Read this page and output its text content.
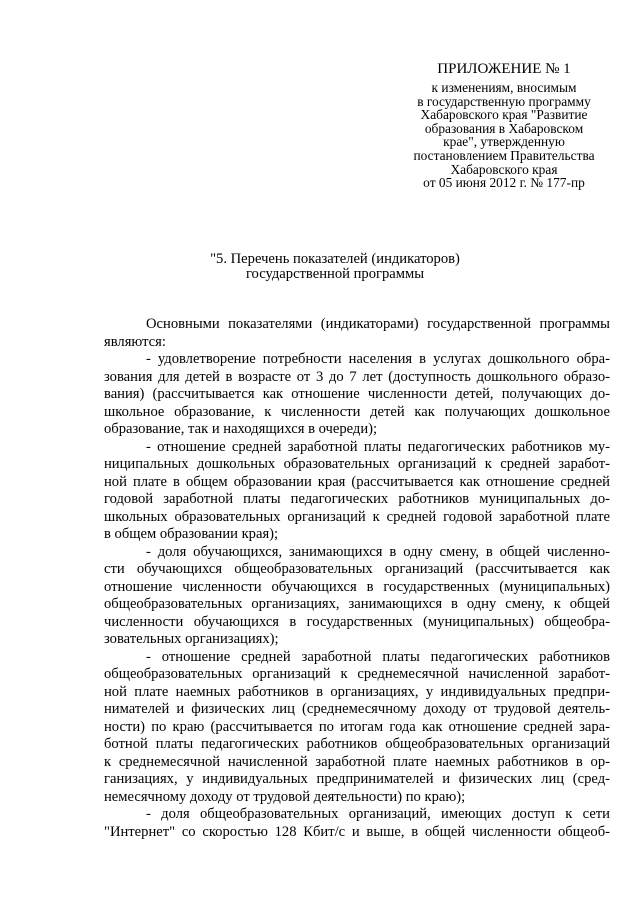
ПРИЛОЖЕНИЕ № 1
к изменениям, вносимым
в государственную программу
Хабаровского края "Развитие
образования в Хабаровском
крае", утвержденную
постановлением Правительства
Хабаровского края
от 05 июня 2012 г. № 177-пр
"5. Перечень показателей (индикаторов)
государственной программы
Основными показателями (индикаторами) государственной программы
являются:
- удовлетворение потребности населения в услугах дошкольного обра-
зования для детей в возрасте от 3 до 7 лет (доступность дошкольного образо-
вания) (рассчитывается как отношение численности детей, получающих до-
школьное образование, к численности детей как получающих дошкольное
образование, так и находящихся в очереди);
- отношение средней заработной платы педагогических работников му-
ниципальных дошкольных образовательных организаций к средней заработ-
ной плате в общем образовании края (рассчитывается как отношение средней
годовой заработной платы педагогических работников муниципальных до-
школьных образовательных организаций к средней годовой заработной плате
в общем образовании края);
- доля обучающихся, занимающихся в одну смену, в общей численно-
сти обучающихся общеобразовательных организаций (рассчитывается как
отношение численности обучающихся в государственных (муниципальных)
общеобразовательных организациях, занимающихся в одну смену, к общей
численности обучающихся в государственных (муниципальных) общеобра-
зовательных организациях);
- отношение средней заработной платы педагогических работников
общеобразовательных организаций к среднемесячной начисленной заработ-
ной плате наемных работников в организациях, у индивидуальных предпри-
нимателей и физических лиц (среднемесячному доходу от трудовой деятель-
ности) по краю (рассчитывается по итогам года как отношение средней зара-
ботной платы педагогических работников общеобразовательных организаций
к среднемесячной начисленной заработной плате наемных работников в ор-
ганизациях, у индивидуальных предпринимателей и физических лиц (сред-
немесячному доходу от трудовой деятельности) по краю);
- доля общеобразовательных организаций, имеющих доступ к сети
"Интернет" со скоростью 128 Кбит/с и выше, в общей численности общеоб-
